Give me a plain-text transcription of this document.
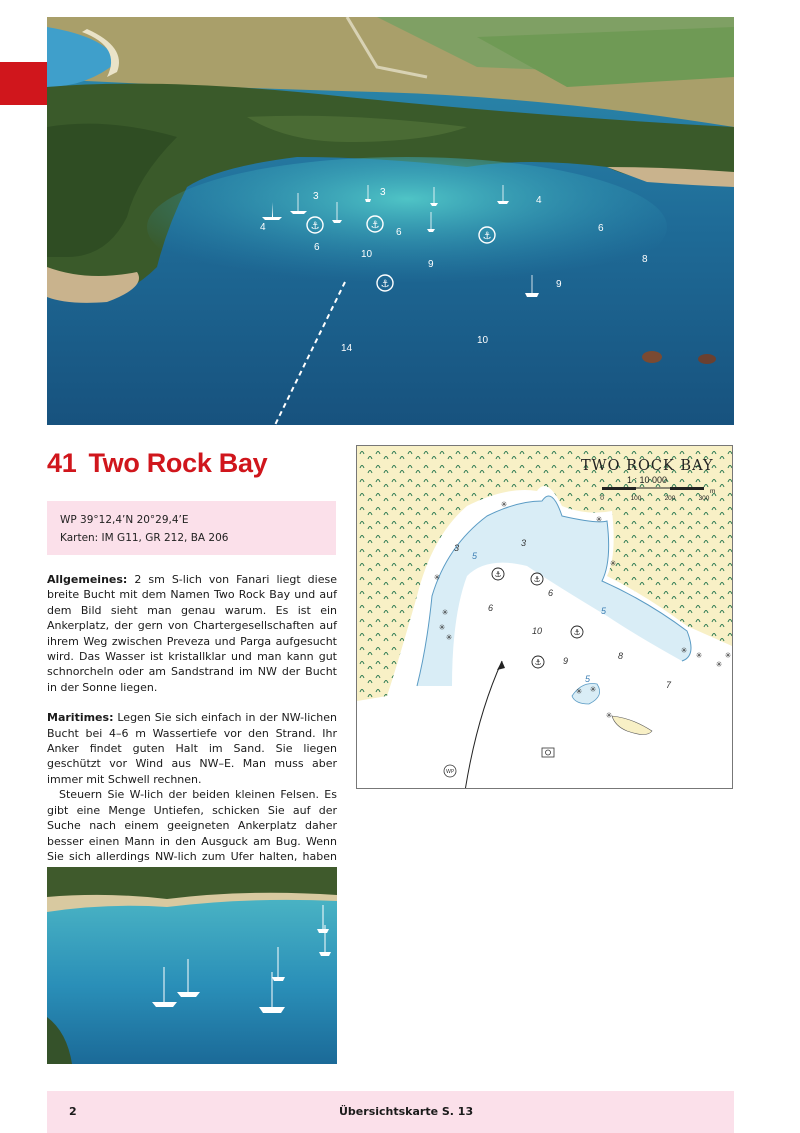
⚓	⚓
⚓
⚓
3	3
4
4
6
6	6
10
9	8
9
10
14
41 Two Rock Bay
WP 39°12,4’N 20°29,4’E
Karten: IM G11, GR 212, BA 206

Allgemeines: 2 sm S-lich von Fanari liegt diese breite Bucht mit dem Namen Two Rock Bay und auf dem Bild sieht man genau warum. Es ist ein Ankerplatz, der gern von Chartergesellschaften auf ihrem Weg zwischen Preveza und Parga aufgesucht wird. Das Wasser ist kristallklar und man kann gut schnorcheln oder am Sandstrand im NW der Bucht in der Sonne liegen.

Maritimes: Legen Sie sich einfach in der NW-lichen Bucht bei 4–6 m Wassertiefe vor den Strand. Ihr Anker findet guten Halt im Sand. Sie liegen geschützt vor Wind aus NW–E. Man muss aber immer mit Schwell rechnen.

Steuern Sie W-lich der beiden kleinen Felsen. Es gibt eine Menge Untiefen, schicken Sie auf der Suche nach einem geeigneten Ankerplatz daher besser einen Mann in den Ausguck am Bug. Wenn Sie sich allerdings NW-lich zum Ufer halten, haben

⚓
⚓
⚓
⚓
✳
✳
✳
✳
✳
✳
✳
✳
✳
✳
✳
✳ ✳
✳
WP
3	3
5
6
6
10
9	8
7
5
5
TWO ROCK BAY
1 : 10 000
0	100	200	300
m
2	Übersichtskarte S. 13
